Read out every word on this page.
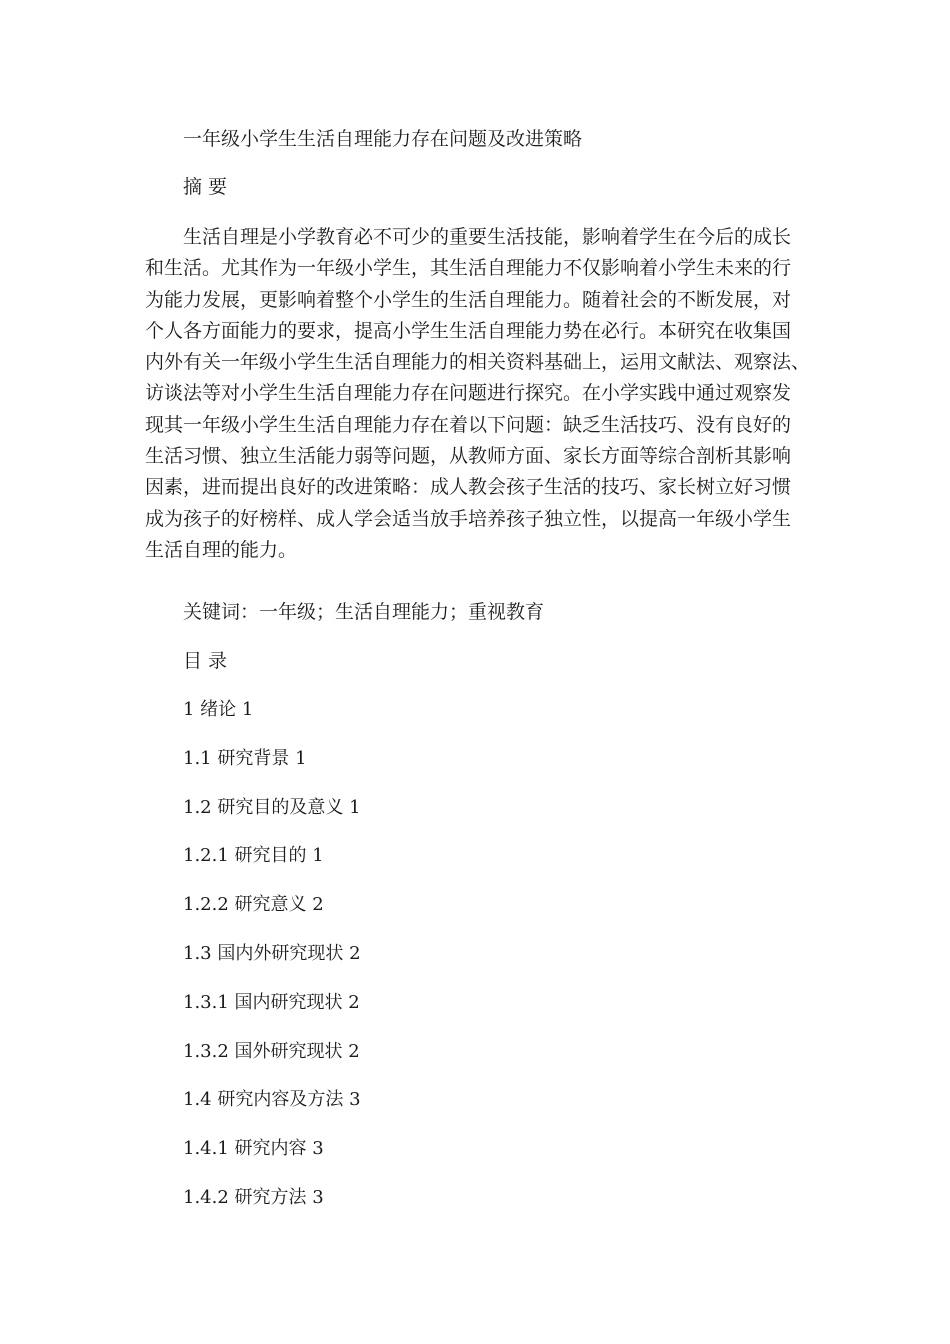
一年级小学生生活自理能力存在问题及改进策略
摘 要
生活自理是小学教育必不可少的重要生活技能，影响着学生在今后的成长
和生活。尤其作为一年级小学生，其生活自理能力不仅影响着小学生未来的行
为能力发展，更影响着整个小学生的生活自理能力。随着社会的不断发展，对
个人各方面能力的要求，提高小学生生活自理能力势在必行。本研究在收集国
内外有关一年级小学生生活自理能力的相关资料基础上，运用文献法、观察法、
访谈法等对小学生生活自理能力存在问题进行探究。在小学实践中通过观察发
现其一年级小学生生活自理能力存在着以下问题：缺乏生活技巧、没有良好的
生活习惯、独立生活能力弱等问题，从教师方面、家长方面等综合剖析其影响
因素，进而提出良好的改进策略：成人教会孩子生活的技巧、家长树立好习惯
成为孩子的好榜样、成人学会适当放手培养孩子独立性，以提高一年级小学生
生活自理的能力。
关键词：一年级；生活自理能力；重视教育
目 录
1 绪论 1
1.1 研究背景 1
1.2 研究目的及意义 1
1.2.1 研究目的 1
1.2.2 研究意义 2
1.3 国内外研究现状 2
1.3.1 国内研究现状 2
1.3.2 国外研究现状 2
1.4 研究内容及方法 3
1.4.1 研究内容 3
1.4.2 研究方法 3
